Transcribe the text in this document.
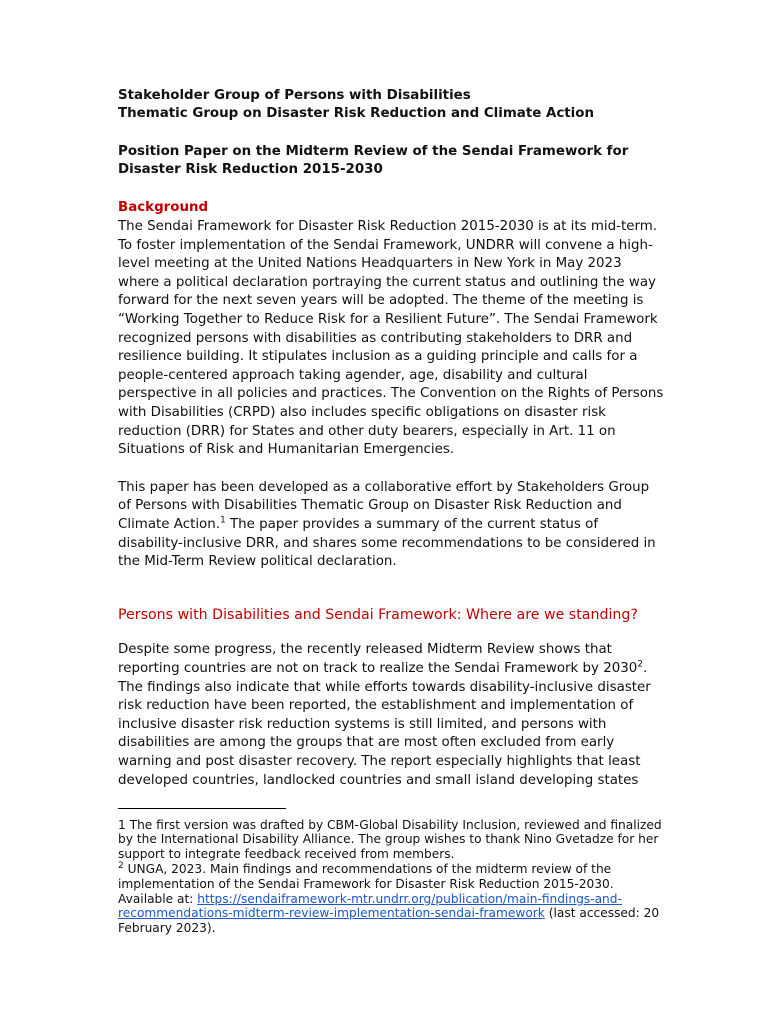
Stakeholder Group of Persons with Disabilities
Thematic Group on Disaster Risk Reduction and Climate Action
Position Paper on the Midterm Review of the Sendai Framework for
Disaster Risk Reduction 2015-2030
Background
The Sendai Framework for Disaster Risk Reduction 2015-2030 is at its mid-term.
To foster implementation of the Sendai Framework, UNDRR will convene a high-
level meeting at the United Nations Headquarters in New York in May 2023
where a political declaration portraying the current status and outlining the way
forward for the next seven years will be adopted. The theme of the meeting is
“Working Together to Reduce Risk for a Resilient Future”. The Sendai Framework
recognized persons with disabilities as contributing stakeholders to DRR and
resilience building. It stipulates inclusion as a guiding principle and calls for a
people-centered approach taking agender, age, disability and cultural
perspective in all policies and practices. The Convention on the Rights of Persons
with Disabilities (CRPD) also includes specific obligations on disaster risk
reduction (DRR) for States and other duty bearers, especially in Art. 11 on
Situations of Risk and Humanitarian Emergencies.
This paper has been developed as a collaborative effort by Stakeholders Group
of Persons with Disabilities Thematic Group on Disaster Risk Reduction and
Climate Action.$^1$ The paper provides a summary of the current status of
disability-inclusive DRR, and shares some recommendations to be considered in
the Mid-Term Review political declaration.
Persons with Disabilities and Sendai Framework: Where are we standing?
Despite some progress, the recently released Midterm Review shows that
reporting countries are not on track to realize the Sendai Framework by 2030$^2$.
The findings also indicate that while efforts towards disability-inclusive disaster
risk reduction have been reported, the establishment and implementation of
inclusive disaster risk reduction systems is still limited, and persons with
disabilities are among the groups that are most often excluded from early
warning and post disaster recovery. The report especially highlights that least
developed countries, landlocked countries and small island developing states
1 The first version was drafted by CBM-Global Disability Inclusion, reviewed and finalized
by the International Disability Alliance. The group wishes to thank Nino Gvetadze for her
support to integrate feedback received from members.
$^2$ UNGA, 2023. Main findings and recommendations of the midterm review of the
implementation of the Sendai Framework for Disaster Risk Reduction 2015-2030.
Available at: https://sendaiframework-mtr.undrr.org/publication/main-findings-and-
recommendations-midterm-review-implementation-sendai-framework (last accessed: 20
February 2023).
